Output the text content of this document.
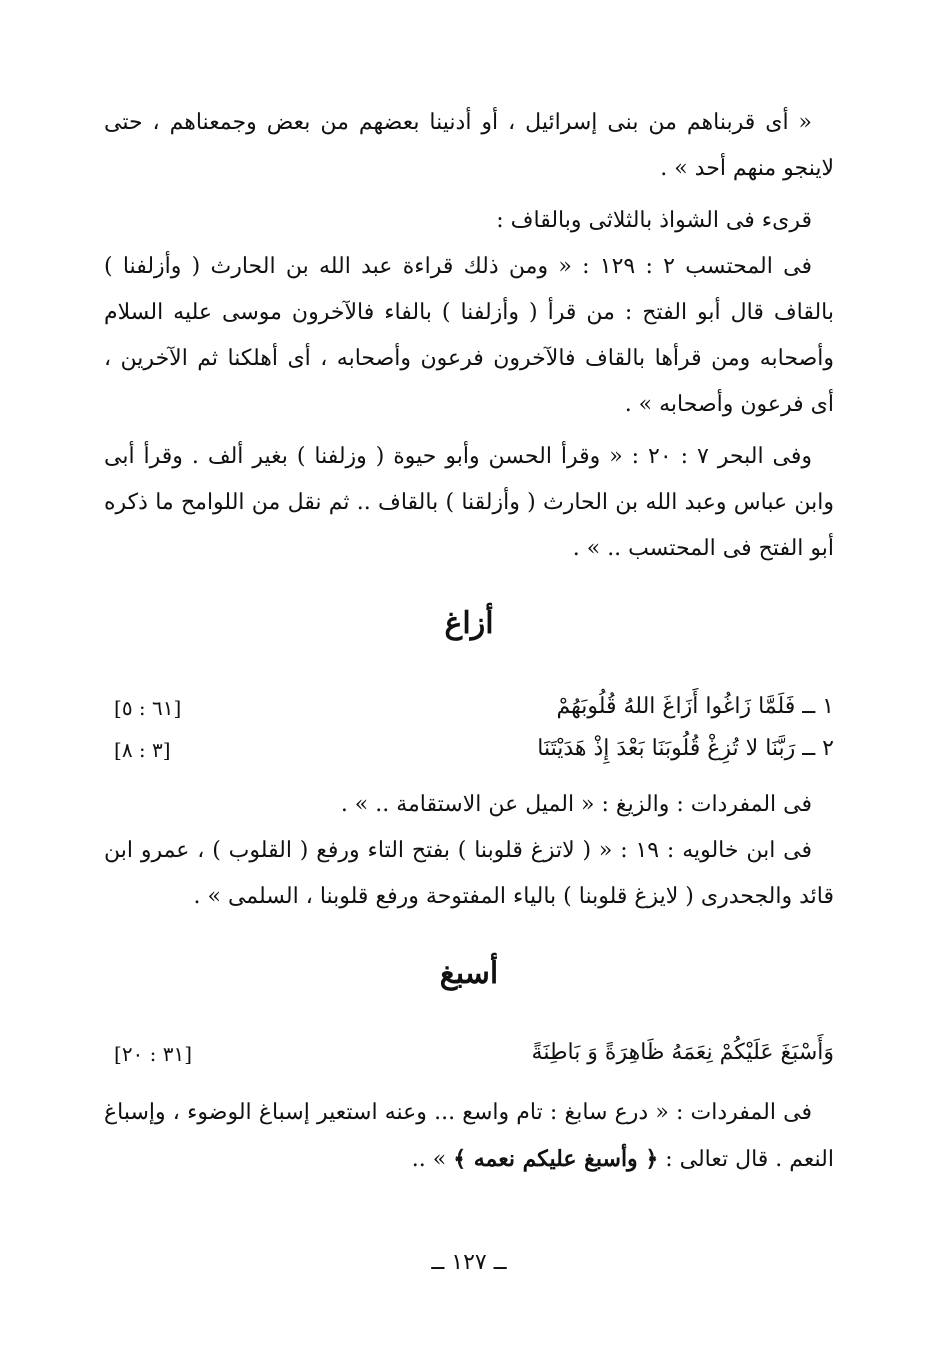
« أى قربناهم من بنى إسرائيل ، أو أدنينا بعضهم من بعض وجمعناهم ، حتى لاينجو منهم أحد » .

قرىء فى الشواذ بالثلاثى وبالقاف :

فى المحتسب ٢ : ١٢٩ : « ومن ذلك قراءة عبد الله بن الحارث ( وأزلفنا ) بالقاف قال أبو الفتح : من قرأ ( وأزلفنا ) بالفاء فالآخرون موسى عليه السلام وأصحابه ومن قرأها بالقاف فالآخرون فرعون وأصحابه ، أى أهلكنا ثم الآخرين ، أى فرعون وأصحابه » .

وفى البحر ٧ : ٢٠ : « وقرأ الحسن وأبو حيوة ( وزلفنا ) بغير ألف . وقرأ أبى وابن عباس وعبد الله بن الحارث ( وأزلقنا ) بالقاف .. ثم نقل من اللوامح ما ذكره أبو الفتح فى المحتسب .. » .

أزاغ
١ ــ فَلَمَّا زَاغُوا أَزَاغَ اللهُ قُلُوبَهُمْ
[٦١ : ٥]
٢ ــ رَبَّنَا لا تُزِغْ قُلُوبَنَا بَعْدَ إِذْ هَدَيْتَنَا
[٣ : ٨]

فى المفردات : والزيغ : « الميل عن الاستقامة .. » .

فى ابن خالويه : ١٩ : « ( لاتزغ قلوبنا ) بفتح التاء ورفع ( القلوب ) ، عمرو ابن قائد والجحدرى ( لايزغ قلوبنا ) بالياء المفتوحة ورفع قلوبنا ، السلمى » .

أسبغ
وَأَسْبَغَ عَلَيْكُمْ نِعَمَهُ ظَاهِرَةً وَ بَاطِنَةً
[٣١ : ٢٠]

فى المفردات : « درع سابغ : تام واسع ... وعنه استعير إسباغ الوضوء ، وإسباغ النعم . قال تعالى : ﴿ وأسبغ عليكم نعمه ﴾ » ..

ــ ١٢٧ ــ
